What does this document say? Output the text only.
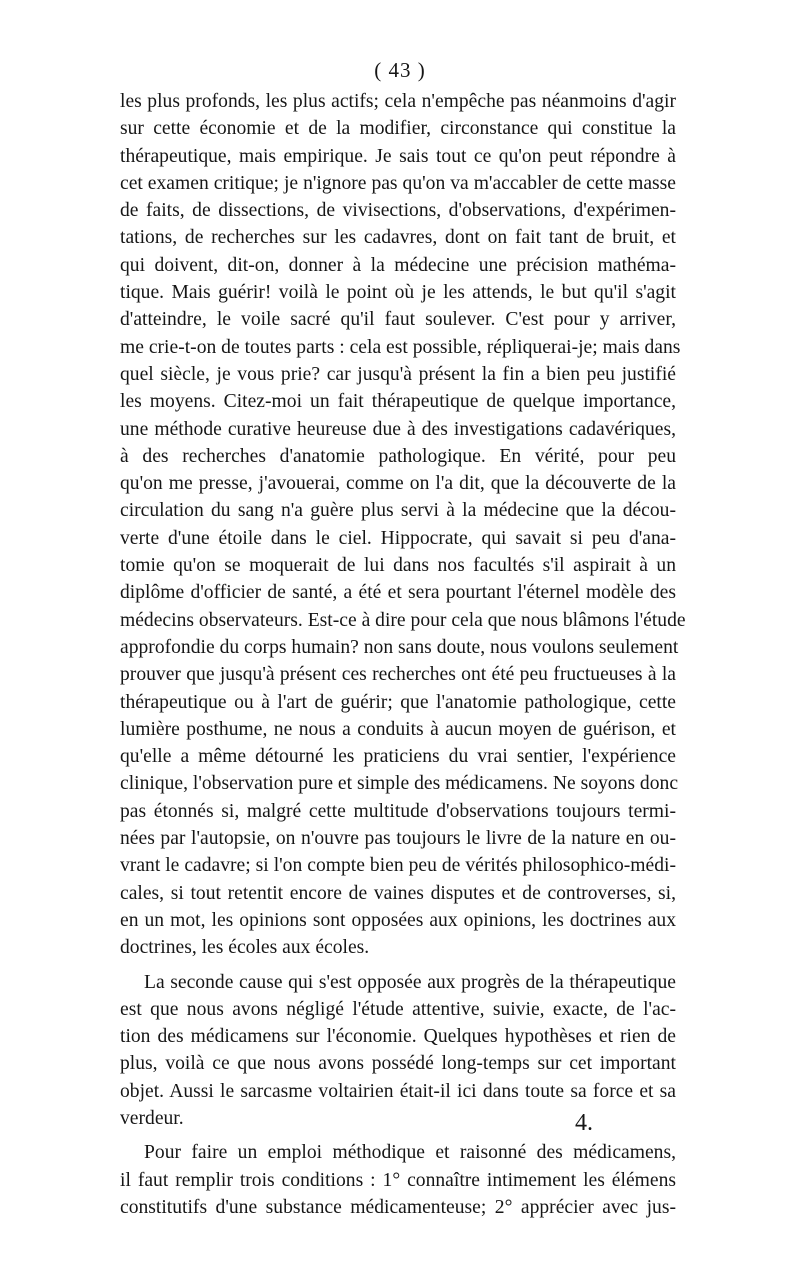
( 43 )
les plus profonds, les plus actifs; cela n'empêche pas néanmoins d'agir
sur cette économie et de la modifier, circonstance qui constitue la
thérapeutique, mais empirique. Je sais tout ce qu'on peut répondre à
cet examen critique; je n'ignore pas qu'on va m'accabler de cette masse
de faits, de dissections, de vivisections, d'observations, d'expérimen-
tations, de recherches sur les cadavres, dont on fait tant de bruit, et
qui doivent, dit-on, donner à la médecine une précision mathéma-
tique. Mais guérir! voilà le point où je les attends, le but qu'il s'agit
d'atteindre, le voile sacré qu'il faut soulever. C'est pour y arriver,
me crie-t-on de toutes parts : cela est possible, répliquerai-je; mais dans
quel siècle, je vous prie? car jusqu'à présent la fin a bien peu justifié
les moyens. Citez-moi un fait thérapeutique de quelque importance,
une méthode curative heureuse due à des investigations cadavériques,
à des recherches d'anatomie pathologique. En vérité, pour peu
qu'on me presse, j'avouerai, comme on l'a dit, que la découverte de la
circulation du sang n'a guère plus servi à la médecine que la décou-
verte d'une étoile dans le ciel. Hippocrate, qui savait si peu d'ana-
tomie qu'on se moquerait de lui dans nos facultés s'il aspirait à un
diplôme d'officier de santé, a été et sera pourtant l'éternel modèle des
médecins observateurs. Est-ce à dire pour cela que nous blâmons l'étude
approfondie du corps humain? non sans doute, nous voulons seulement
prouver que jusqu'à présent ces recherches ont été peu fructueuses à la
thérapeutique ou à l'art de guérir; que l'anatomie pathologique, cette
lumière posthume, ne nous a conduits à aucun moyen de guérison, et
qu'elle a même détourné les praticiens du vrai sentier, l'expérience
clinique, l'observation pure et simple des médicamens. Ne soyons donc
pas étonnés si, malgré cette multitude d'observations toujours termi-
nées par l'autopsie, on n'ouvre pas toujours le livre de la nature en ou-
vrant le cadavre; si l'on compte bien peu de vérités philosophico-médi-
cales, si tout retentit encore de vaines disputes et de controverses, si,
en un mot, les opinions sont opposées aux opinions, les doctrines aux
doctrines, les écoles aux écoles.
La seconde cause qui s'est opposée aux progrès de la thérapeutique
est que nous avons négligé l'étude attentive, suivie, exacte, de l'ac-
tion des médicamens sur l'économie. Quelques hypothèses et rien de
plus, voilà ce que nous avons possédé long-temps sur cet important
objet. Aussi le sarcasme voltairien était-il ici dans toute sa force et sa
verdeur.
Pour faire un emploi méthodique et raisonné des médicamens,
il faut remplir trois conditions : 1° connaître intimement les élémens
constitutifs d'une substance médicamenteuse; 2° apprécier avec jus-
4.
